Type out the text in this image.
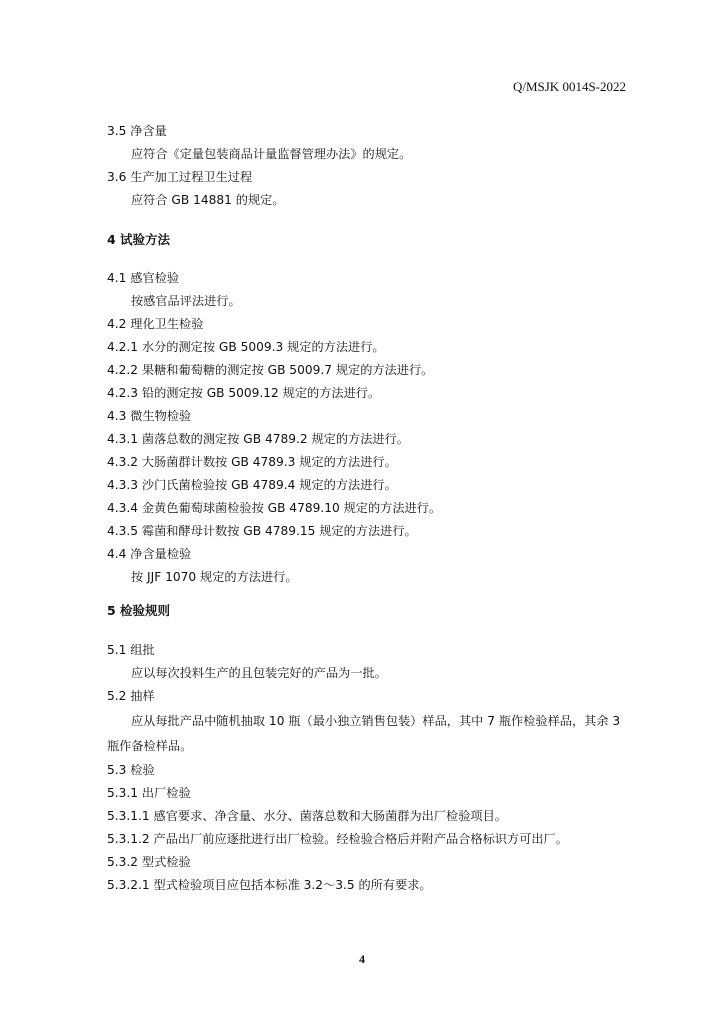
Q/MSJK 0014S-2022
3.5 净含量
应符合《定量包装商品计量监督管理办法》的规定。
3.6 生产加工过程卫生过程
应符合 GB 14881 的规定。
4 试验方法
4.1 感官检验
按感官品评法进行。
4.2 理化卫生检验
4.2.1 水分的测定按 GB 5009.3 规定的方法进行。
4.2.2 果糖和葡萄糖的测定按 GB 5009.7 规定的方法进行。
4.2.3 铅的测定按 GB 5009.12 规定的方法进行。
4.3 微生物检验
4.3.1 菌落总数的测定按 GB 4789.2 规定的方法进行。
4.3.2 大肠菌群计数按 GB 4789.3 规定的方法进行。
4.3.3 沙门氏菌检验按 GB 4789.4 规定的方法进行。
4.3.4 金黄色葡萄球菌检验按 GB 4789.10 规定的方法进行。
4.3.5 霉菌和酵母计数按 GB 4789.15 规定的方法进行。
4.4 净含量检验
按 JJF 1070 规定的方法进行。
5 检验规则
5.1 组批
应以每次投料生产的且包装完好的产品为一批。
5.2 抽样
应从每批产品中随机抽取 10 瓶（最小独立销售包装）样品，其中 7 瓶作检验样品，其余 3
瓶作备检样品。
5.3 检验
5.3.1 出厂检验
5.3.1.1 感官要求、净含量、水分、菌落总数和大肠菌群为出厂检验项目。
5.3.1.2 产品出厂前应逐批进行出厂检验。经检验合格后并附产品合格标识方可出厂。
5.3.2 型式检验
5.3.2.1 型式检验项目应包括本标准 3.2～3.5 的所有要求。
4
